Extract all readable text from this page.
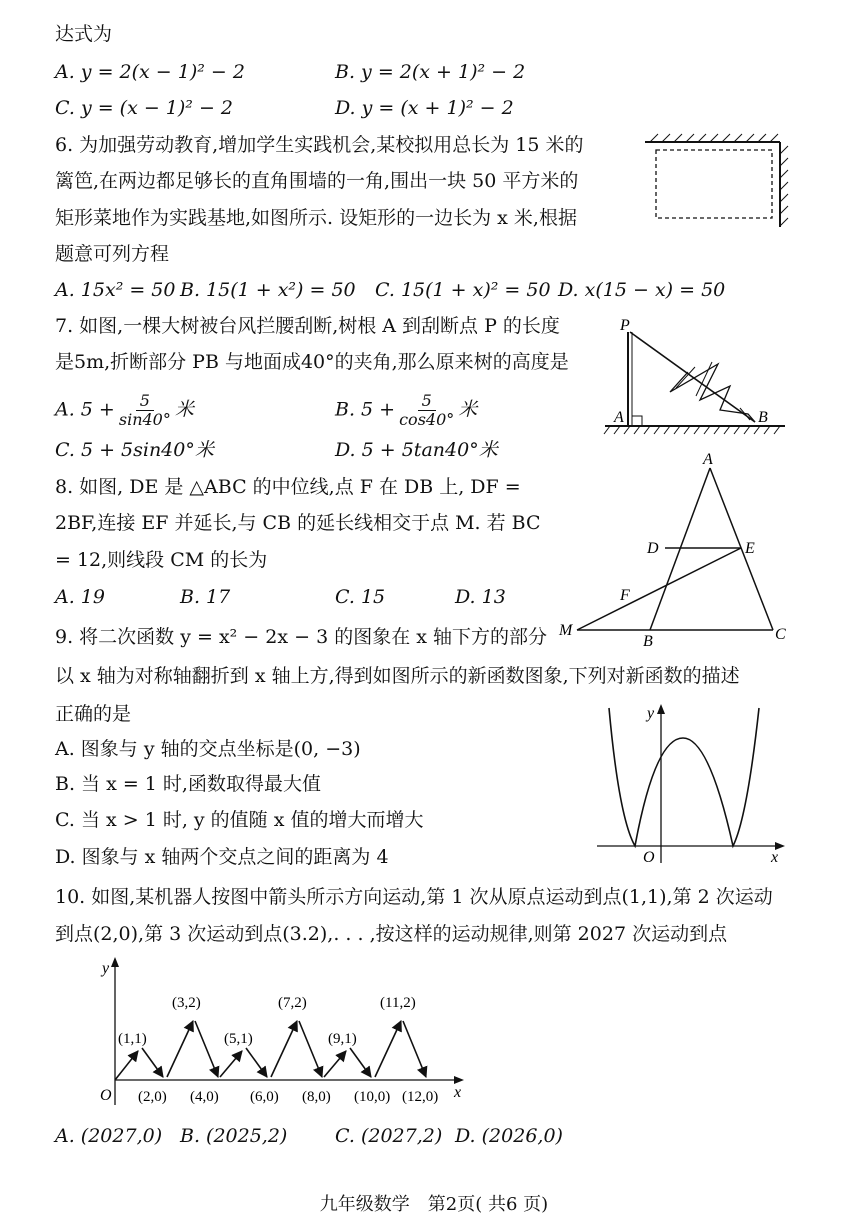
达式为
A. y = 2(x − 1)² − 2	B. y = 2(x + 1)² − 2
C. y = (x − 1)² − 2	D. y = (x + 1)² − 2
6. 为加强劳动教育,增加学生实践机会,某校拟用总长为 15 米的
篱笆,在两边都足够长的直角围墙的一角,围出一块 50 平方米的
矩形菜地作为实践基地,如图所示. 设矩形的一边长为 x 米,根据
题意可列方程
A. 15x² = 50 B. 15(1 + x²) = 50 C. 15(1 + x)² = 50 D. x(15 − x) = 50
7. 如图,一棵大树被台风拦腰刮断,树根 A 到刮断点 P 的长度
是5m,折断部分 PB 与地面成40°的夹角,那么原来树的高度是
A. $5 + \frac{5}{\sin 40^\circ}$ 米	B. $5 + \frac{5}{\cos 40^\circ}$ 米
C. 5 + 5sin40°米	D. 5 + 5tan40°米
P
A	B
8. 如图, DE 是 △ABC 的中位线,点 F 在 DB 上, DF =
2BF,连接 EF 并延长,与 CB 的延长线相交于点 M. 若 BC
= 12,则线段 CM 的长为
A. 19	B. 17	C. 15	D. 13
A
D	E
F
M
B	C
9. 将二次函数 y = x² − 2x − 3 的图象在 x 轴下方的部分
以 x 轴为对称轴翻折到 x 轴上方,得到如图所示的新函数图象,下列对新函数的描述
正确的是
A. 图象与 y 轴的交点坐标是(0, −3)
B. 当 x = 1 时,函数取得最大值
C. 当 x > 1 时, y 的值随 x 值的增大而增大
D. 图象与 x 轴两个交点之间的距离为 4
y
x
O
10. 如图,某机器人按图中箭头所示方向运动,第 1 次从原点运动到点(1,1),第 2 次运动
到点(2,0),第 3 次运动到点(3.2),. . . ,按这样的运动规律,则第 2027 次运动到点
y
x
O
(1,1)
(3,2)
(5,1)
(7,2)
(9,1)
(11,2)
(2,0) (4,0) (6,0) (8,0) (10,0) (12,0)
A. (2027,0) B. (2025,2)	C. (2027,2) D. (2026,0)
九年级数学　第2页( 共6 页)
